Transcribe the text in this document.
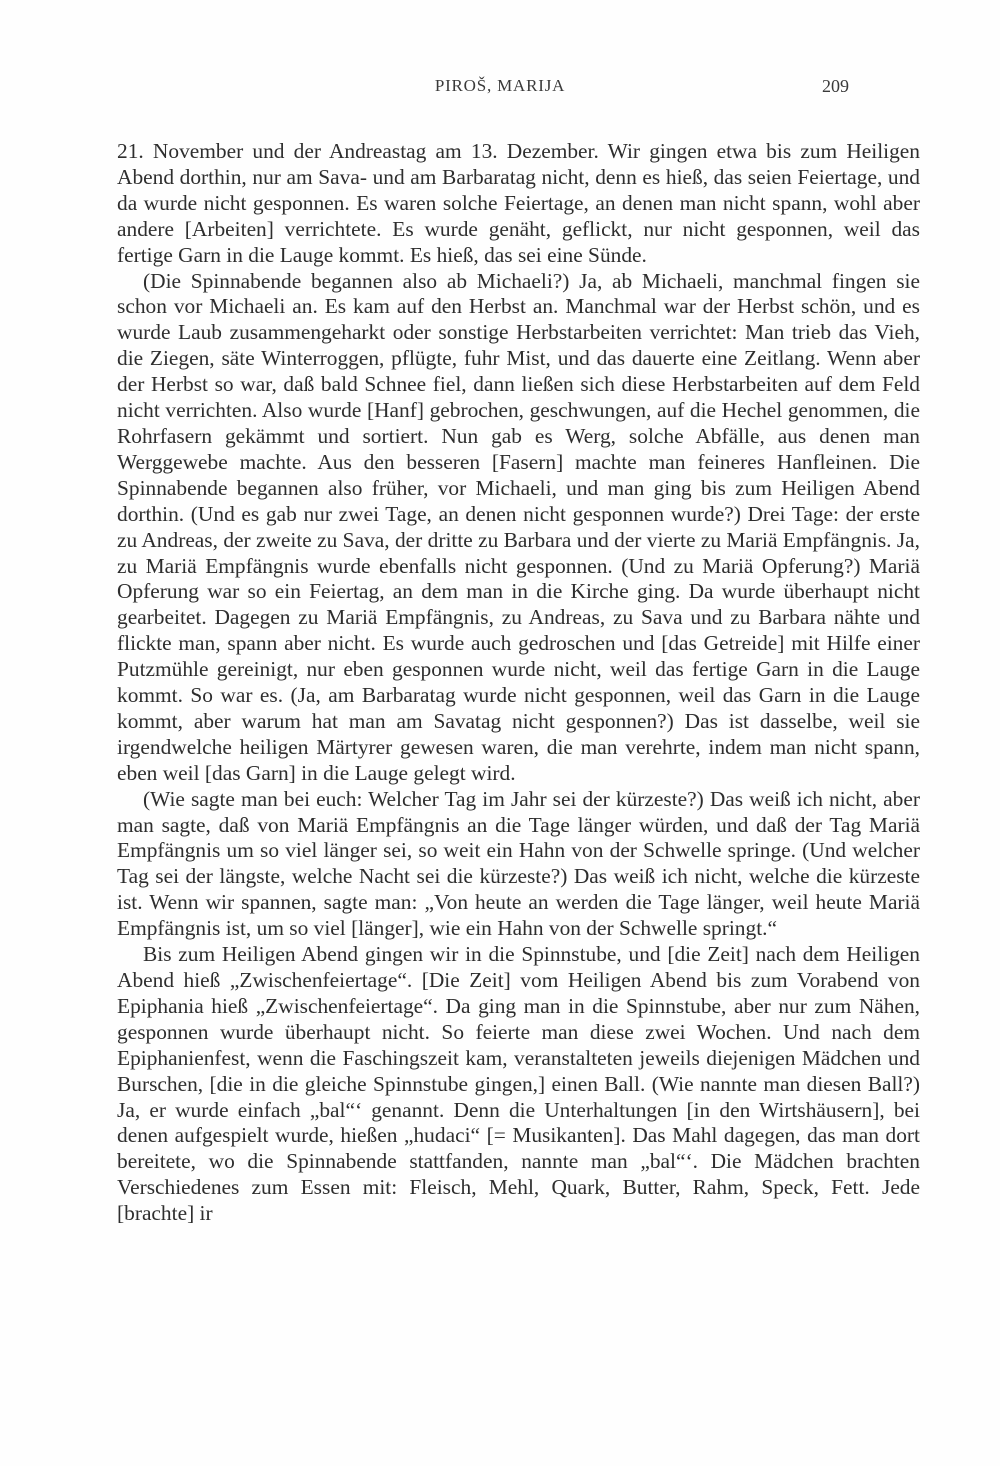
PIROŠ, MARIJA	209

21. November und der Andreastag am 13. Dezember. Wir gingen etwa bis zum Heiligen Abend dorthin, nur am Sava- und am Barbaratag nicht, denn es hieß, das seien Feiertage, und da wurde nicht gesponnen. Es waren solche Feiertage, an denen man nicht spann, wohl aber andere [Arbeiten] verrichtete. Es wurde genäht, geflickt, nur nicht gesponnen, weil das fertige Garn in die Lauge kommt. Es hieß, das sei eine Sünde.

(Die Spinnabende begannen also ab Michaeli?) Ja, ab Michaeli, manchmal fingen sie schon vor Michaeli an. Es kam auf den Herbst an. Manchmal war der Herbst schön, und es wurde Laub zusammengeharkt oder sonstige Herbstarbeiten verrichtet: Man trieb das Vieh, die Ziegen, säte Winterroggen, pflügte, fuhr Mist, und das dauerte eine Zeitlang. Wenn aber der Herbst so war, daß bald Schnee fiel, dann ließen sich diese Herbstarbeiten auf dem Feld nicht verrichten. Also wurde [Hanf] gebrochen, geschwungen, auf die Hechel genommen, die Rohrfasern gekämmt und sortiert. Nun gab es Werg, solche Abfälle, aus denen man Werggewebe machte. Aus den besseren [Fasern] machte man feineres Hanfleinen. Die Spinnabende begannen also früher, vor Michaeli, und man ging bis zum Heiligen Abend dorthin. (Und es gab nur zwei Tage, an denen nicht gesponnen wurde?) Drei Tage: der erste zu Andreas, der zweite zu Sava, der dritte zu Barbara und der vierte zu Mariä Empfängnis. Ja, zu Mariä Empfängnis wurde ebenfalls nicht gesponnen. (Und zu Mariä Opferung?) Mariä Opferung war so ein Feiertag, an dem man in die Kirche ging. Da wurde überhaupt nicht gearbeitet. Dagegen zu Mariä Empfängnis, zu Andreas, zu Sava und zu Barbara nähte und flickte man, spann aber nicht. Es wurde auch gedroschen und [das Getreide] mit Hilfe einer Putzmühle gereinigt, nur eben gesponnen wurde nicht, weil das fertige Garn in die Lauge kommt. So war es. (Ja, am Barbaratag wurde nicht gesponnen, weil das Garn in die Lauge kommt, aber warum hat man am Savatag nicht gesponnen?) Das ist dasselbe, weil sie irgendwelche heiligen Märtyrer gewesen waren, die man verehrte, indem man nicht spann, eben weil [das Garn] in die Lauge gelegt wird.

(Wie sagte man bei euch: Welcher Tag im Jahr sei der kürzeste?) Das weiß ich nicht, aber man sagte, daß von Mariä Empfängnis an die Tage länger würden, und daß der Tag Mariä Empfängnis um so viel länger sei, so weit ein Hahn von der Schwelle springe. (Und welcher Tag sei der längste, welche Nacht sei die kürzeste?) Das weiß ich nicht, welche die kürzeste ist. Wenn wir spannen, sagte man: „Von heute an werden die Tage länger, weil heute Mariä Empfängnis ist, um so viel [länger], wie ein Hahn von der Schwelle springt.“

Bis zum Heiligen Abend gingen wir in die Spinnstube, und [die Zeit] nach dem Heiligen Abend hieß „Zwischenfeiertage“. [Die Zeit] vom Heiligen Abend bis zum Vorabend von Epiphania hieß „Zwischenfeiertage“. Da ging man in die Spinnstube, aber nur zum Nähen, gesponnen wurde überhaupt nicht. So feierte man diese zwei Wochen. Und nach dem Epiphanienfest, wenn die Faschingszeit kam, veranstalteten jeweils diejenigen Mädchen und Burschen, [die in die gleiche Spinnstube gingen,] einen Ball. (Wie nannte man diesen Ball?) Ja, er wurde einfach „bal“‘ genannt. Denn die Unterhaltungen [in den Wirtshäusern], bei denen aufgespielt wurde, hießen „hudaci“ [= Musikanten]. Das Mahl dagegen, das man dort bereitete, wo die Spinnabende stattfanden, nannte man „bal“‘. Die Mädchen brachten Verschiedenes zum Essen mit: Fleisch, Mehl, Quark, Butter, Rahm, Speck, Fett. Jede [brachte] ir
